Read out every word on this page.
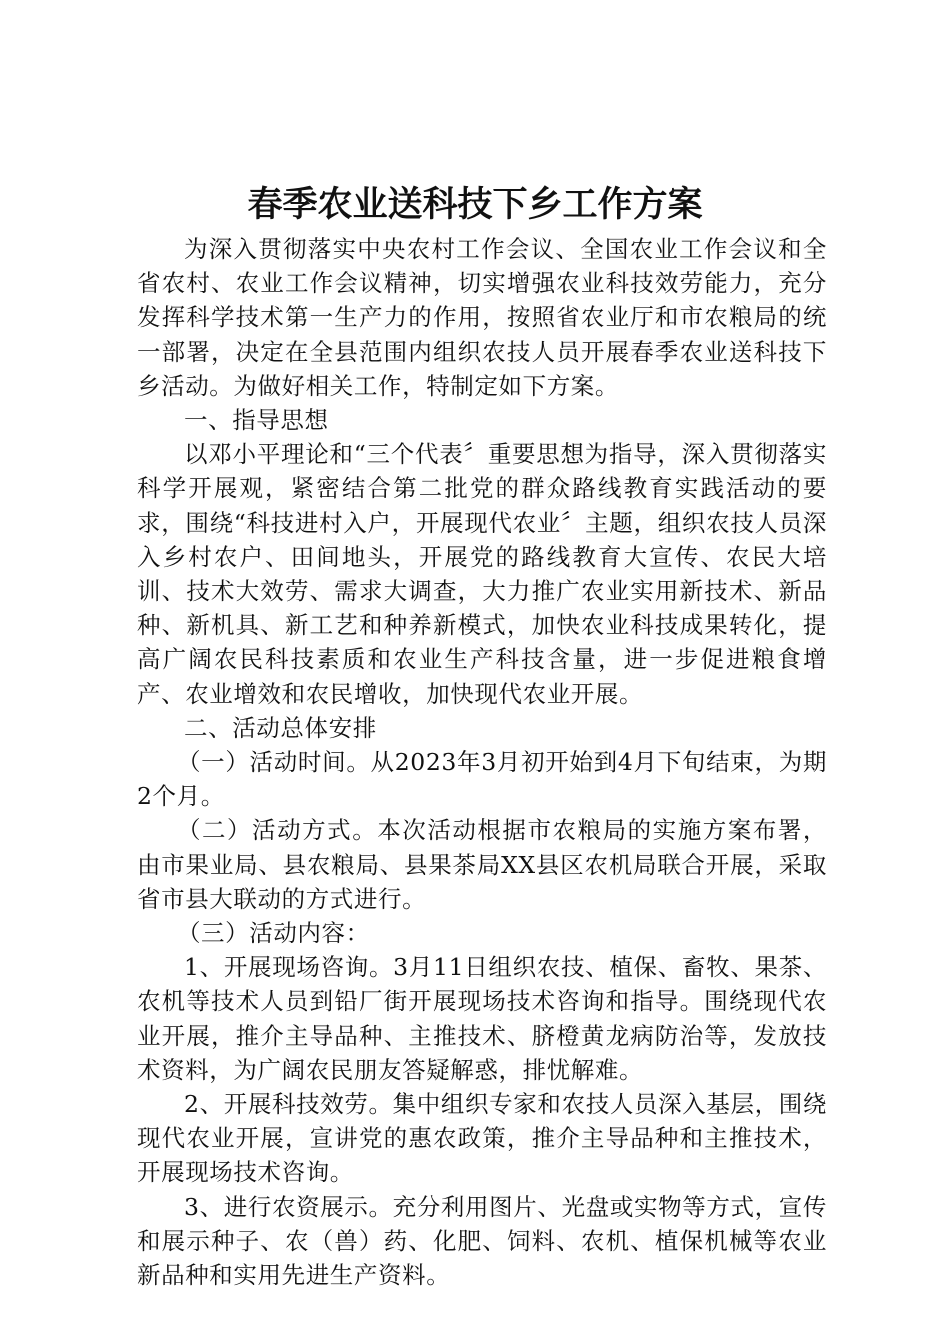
春季农业送科技下乡工作方案

为深入贯彻落实中央农村工作会议、全国农业工作会议和全省农村、农业工作会议精神，切实增强农业科技效劳能力，充分发挥科学技术第一生产力的作用，按照省农业厅和市农粮局的统一部署，决定在全县范围内组织农技人员开展春季农业送科技下乡活动。为做好相关工作，特制定如下方案。

一、指导思想

以邓小平理论和“三个代表〞重要思想为指导，深入贯彻落实科学开展观，紧密结合第二批党的群众路线教育实践活动的要求，围绕“科技进村入户，开展现代农业〞主题，组织农技人员深入乡村农户、田间地头，开展党的路线教育大宣传、农民大培训、技术大效劳、需求大调查，大力推广农业实用新技术、新品种、新机具、新工艺和种养新模式，加快农业科技成果转化，提高广阔农民科技素质和农业生产科技含量，进一步促进粮食增产、农业增效和农民增收，加快现代农业开展。

二、活动总体安排

（一）活动时间。从2023年3月初开始到4月下旬结束，为期2个月。

（二）活动方式。本次活动根据市农粮局的实施方案布署，由市果业局、县农粮局、县果茶局XX县区农机局联合开展，采取省市县大联动的方式进行。

（三）活动内容：

1、开展现场咨询。3月11日组织农技、植保、畜牧、果茶、农机等技术人员到铅厂街开展现场技术咨询和指导。围绕现代农业开展，推介主导品种、主推技术、脐橙黄龙病防治等，发放技术资料，为广阔农民朋友答疑解惑，排忧解难。

2、开展科技效劳。集中组织专家和农技人员深入基层，围绕现代农业开展，宣讲党的惠农政策，推介主导品种和主推技术，开展现场技术咨询。

3、进行农资展示。充分利用图片、光盘或实物等方式，宣传和展示种子、农（兽）药、化肥、饲料、农机、植保机械等农业新品种和实用先进生产资料。
